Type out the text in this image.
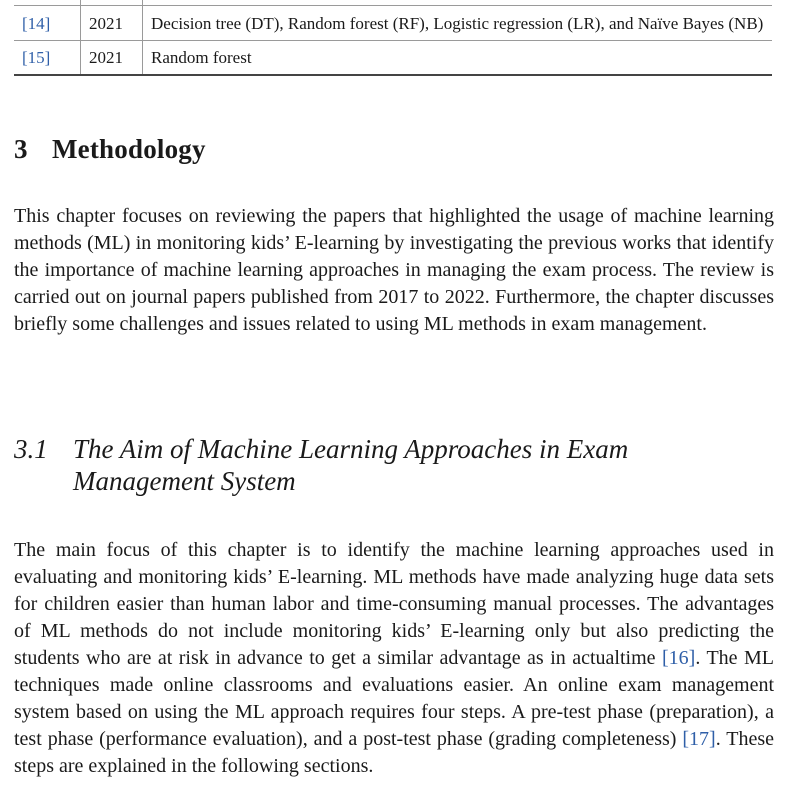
[14]	2021	Decision tree (DT), Random forest (RF), Logistic regression (LR), and Naïve Bayes (NB)
[15]	2021	Random forest
3 Methodology

This chapter focuses on reviewing the papers that highlighted the usage of machine learning methods (ML) in monitoring kids’ E-learning by investigating the previous works that identify the importance of machine learning approaches in managing the exam process. The review is carried out on journal papers published from 2017 to 2022. Furthermore, the chapter discusses briefly some challenges and issues related to using ML methods in exam management.

3.1 The Aim of Machine Learning Approaches in Exam Management System

The main focus of this chapter is to identify the machine learning approaches used in evaluating and monitoring kids’ E-learning. ML methods have made analyzing huge data sets for children easier than human labor and time-consuming manual processes. The advantages of ML methods do not include monitoring kids’ E-learning only but also predicting the students who are at risk in advance to get a similar advantage as in actualtime [16]. The ML techniques made online classrooms and evaluations easier. An online exam management system based on using the ML approach requires four steps. A pre-test phase (preparation), a test phase (performance evaluation), and a post-test phase (grading completeness) [17]. These steps are explained in the following sections.
